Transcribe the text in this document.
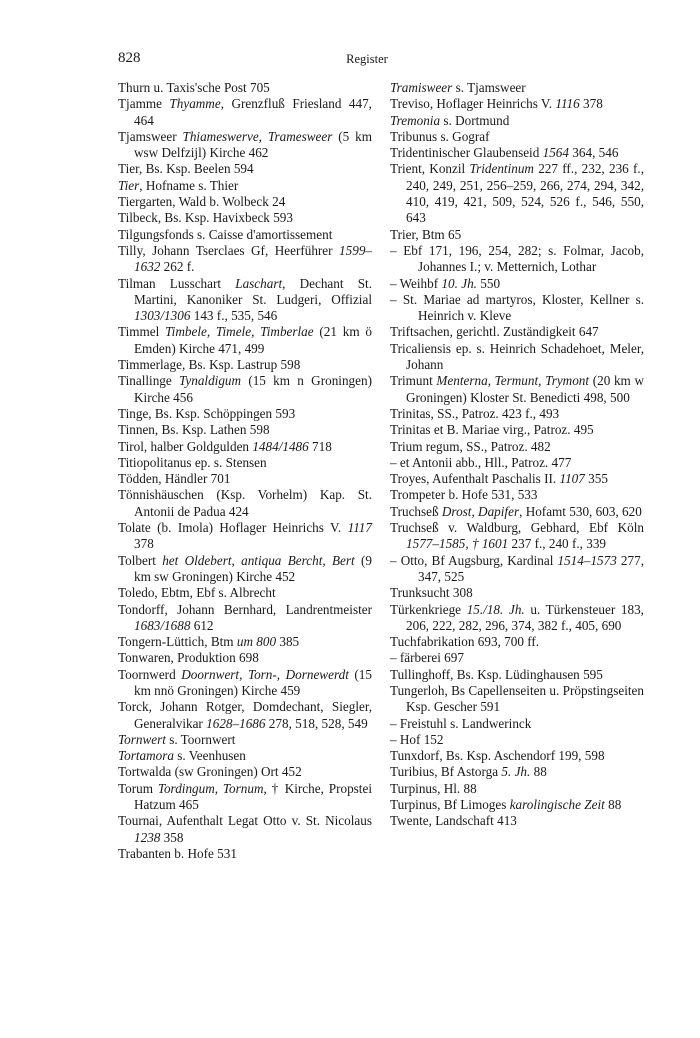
828	Register

Thurn u. Taxis'sche Post 705

Tjamme Thyamme, Grenzfluß Friesland 447, 464

Tjamsweer Thiameswerve, Tramesweer (5 km wsw Delfzijl) Kirche 462

Tier, Bs. Ksp. Beelen 594

Tier, Hofname s. Thier

Tiergarten, Wald b. Wolbeck 24

Tilbeck, Bs. Ksp. Havixbeck 593

Tilgungsfonds s. Caisse d'amortissement

Tilly, Johann Tserclaes Gf, Heerführer 1599–1632 262 f.

Tilman Lusschart Laschart, Dechant St. Martini, Kanoniker St. Ludgeri, Offizial 1303/1306 143 f., 535, 546

Timmel Timbele, Timele, Timberlae (21 km ö Emden) Kirche 471, 499

Timmerlage, Bs. Ksp. Lastrup 598

Tinallinge Tynaldigum (15 km n Groningen) Kirche 456

Tinge, Bs. Ksp. Schöppingen 593

Tinnen, Bs. Ksp. Lathen 598

Tirol, halber Goldgulden 1484/1486 718

Titiopolitanus ep. s. Stensen

Tödden, Händler 701

Tönnishäuschen (Ksp. Vorhelm) Kap. St. Antonii de Padua 424

Tolate (b. Imola) Hoflager Heinrichs V. 1117 378

Tolbert het Oldebert, antiqua Bercht, Bert (9 km sw Groningen) Kirche 452

Toledo, Ebtm, Ebf s. Albrecht

Tondorff, Johann Bernhard, Landrentmeister 1683/1688 612

Tongern-Lüttich, Btm um 800 385

Tonwaren, Produktion 698

Toornwerd Doornwert, Torn-, Dornewerdt (15 km nnö Groningen) Kirche 459

Torck, Johann Rotger, Domdechant, Siegler, Generalvikar 1628–1686 278, 518, 528, 549

Tornwert s. Toornwert

Tortamora s. Veenhusen

Tortwalda (sw Groningen) Ort 452

Torum Tordingum, Tornum, † Kirche, Propstei Hatzum 465

Tournai, Aufenthalt Legat Otto v. St. Nicolaus 1238 358

Trabanten b. Hofe 531

Tramisweer s. Tjamsweer

Treviso, Hoflager Heinrichs V. 1116 378

Tremonia s. Dortmund

Tribunus s. Gograf

Tridentinischer Glaubenseid 1564 364, 546

Trient, Konzil Tridentinum 227 ff., 232, 236 f., 240, 249, 251, 256–259, 266, 274, 294, 342, 410, 419, 421, 509, 524, 526 f., 546, 550, 643

Trier, Btm 65

– Ebf 171, 196, 254, 282; s. Folmar, Jacob, Johannes I.; v. Metternich, Lothar

– Weihbf 10. Jh. 550

– St. Mariae ad martyros, Kloster, Kellner s. Heinrich v. Kleve

Triftsachen, gerichtl. Zuständigkeit 647

Tricaliensis ep. s. Heinrich Schadehoet, Meler, Johann

Trimunt Menterna, Termunt, Trymont (20 km w Groningen) Kloster St. Benedicti 498, 500

Trinitas, SS., Patroz. 423 f., 493

Trinitas et B. Mariae virg., Patroz. 495

Trium regum, SS., Patroz. 482

– et Antonii abb., Hll., Patroz. 477

Troyes, Aufenthalt Paschalis II. 1107 355

Trompeter b. Hofe 531, 533

Truchseß Drost, Dapifer, Hofamt 530, 603, 620

Truchseß v. Waldburg, Gebhard, Ebf Köln 1577–1585, † 1601 237 f., 240 f., 339

– Otto, Bf Augsburg, Kardinal 1514–1573 277, 347, 525

Trunksucht 308

Türkenkriege 15./18. Jh. u. Türkensteuer 183, 206, 222, 282, 296, 374, 382 f., 405, 690

Tuchfabrikation 693, 700 ff.

– färberei 697

Tullinghoff, Bs. Ksp. Lüdinghausen 595

Tungerloh, Bs Capellenseiten u. Pröpstingseiten Ksp. Gescher 591

– Freistuhl s. Landwerinck

– Hof 152

Tunxdorf, Bs. Ksp. Aschendorf 199, 598

Turibius, Bf Astorga 5. Jh. 88

Turpinus, Hl. 88

Turpinus, Bf Limoges karolingische Zeit 88

Twente, Landschaft 413
